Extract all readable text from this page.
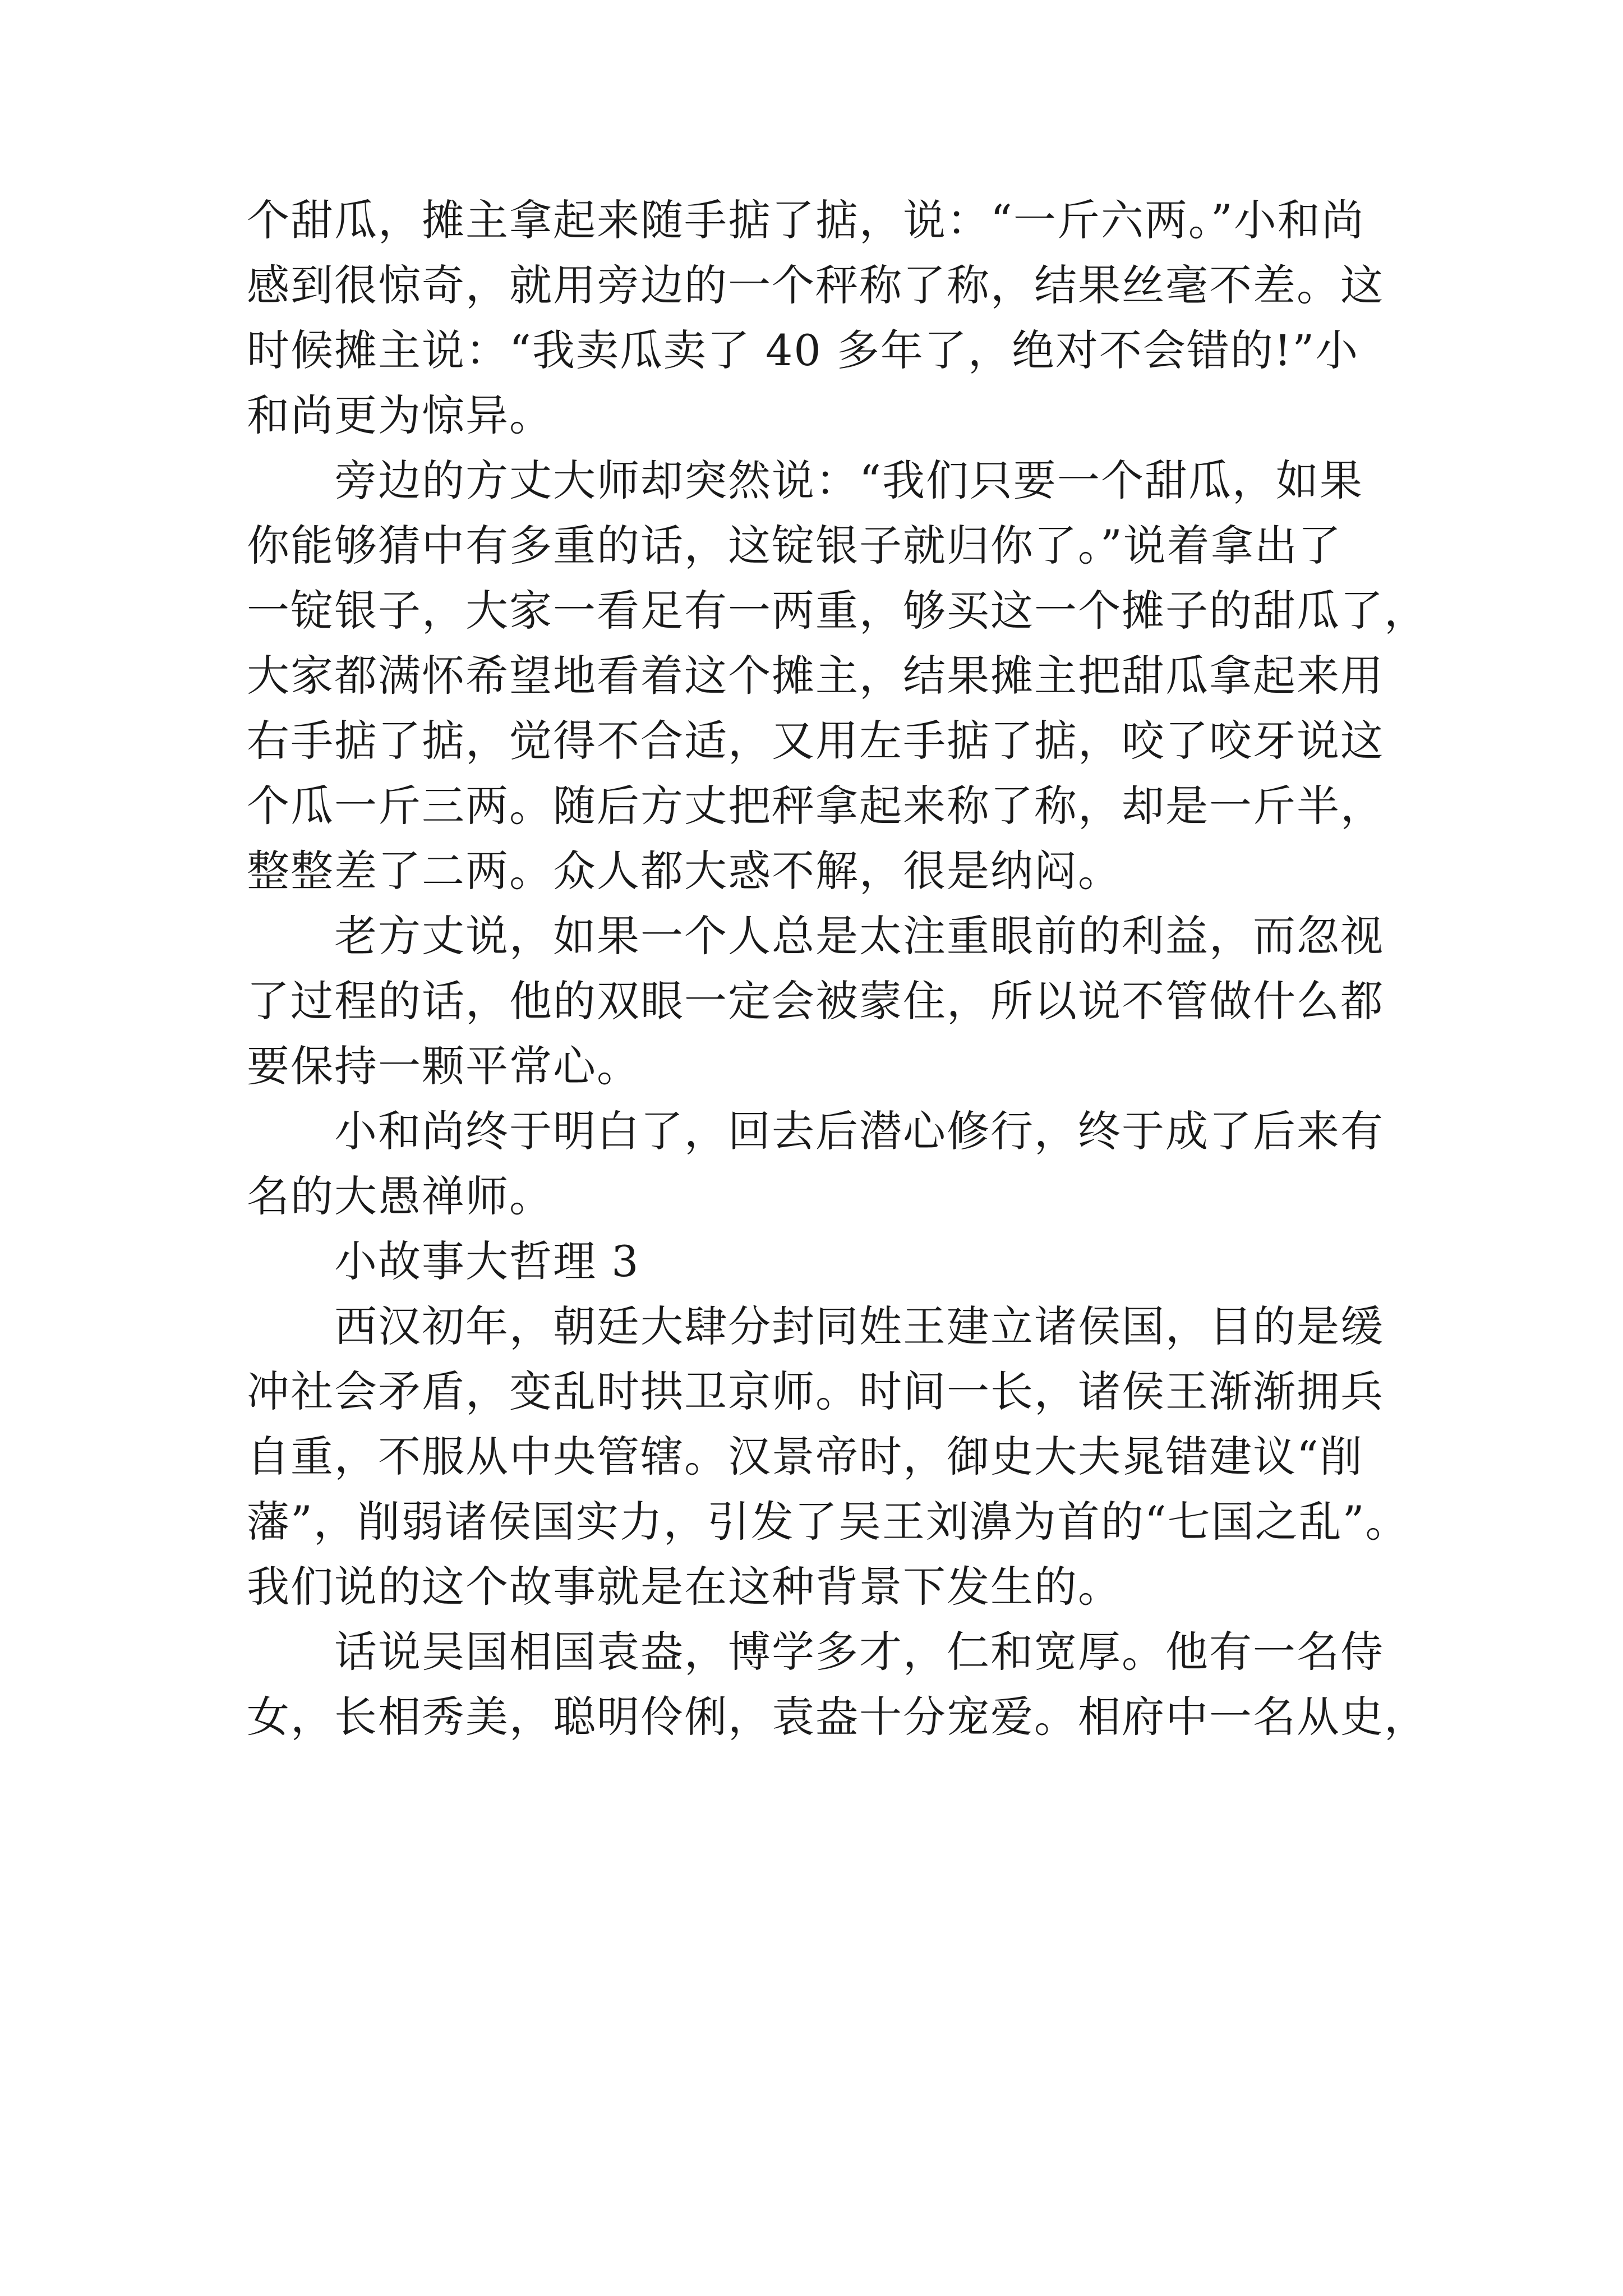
个甜瓜，摊主拿起来随手掂了掂，说：“一斤六两。”小和尚
感到很惊奇，就用旁边的一个秤称了称，结果丝毫不差。这
时候摊主说：“我卖瓜卖了 40 多年了，绝对不会错的!”小
和尚更为惊异。
　　旁边的方丈大师却突然说：“我们只要一个甜瓜，如果
你能够猜中有多重的话，这锭银子就归你了。”说着拿出了
一锭银子，大家一看足有一两重，够买这一个摊子的甜瓜了，
大家都满怀希望地看着这个摊主，结果摊主把甜瓜拿起来用
右手掂了掂，觉得不合适，又用左手掂了掂，咬了咬牙说这
个瓜一斤三两。随后方丈把秤拿起来称了称，却是一斤半，
整整差了二两。众人都大惑不解，很是纳闷。
　　老方丈说，如果一个人总是太注重眼前的利益，而忽视
了过程的话，他的双眼一定会被蒙住，所以说不管做什么都
要保持一颗平常心。
　　小和尚终于明白了，回去后潜心修行，终于成了后来有
名的大愚禅师。
　　小故事大哲理 3
　　西汉初年，朝廷大肆分封同姓王建立诸侯国，目的是缓
冲社会矛盾，变乱时拱卫京师。时间一长，诸侯王渐渐拥兵
自重，不服从中央管辖。汉景帝时，御史大夫晁错建议“削
藩”，削弱诸侯国实力，引发了吴王刘濞为首的“七国之乱”。
我们说的这个故事就是在这种背景下发生的。
　　话说吴国相国袁盎，博学多才，仁和宽厚。他有一名侍
女，长相秀美，聪明伶俐，袁盎十分宠爱。相府中一名从史，
